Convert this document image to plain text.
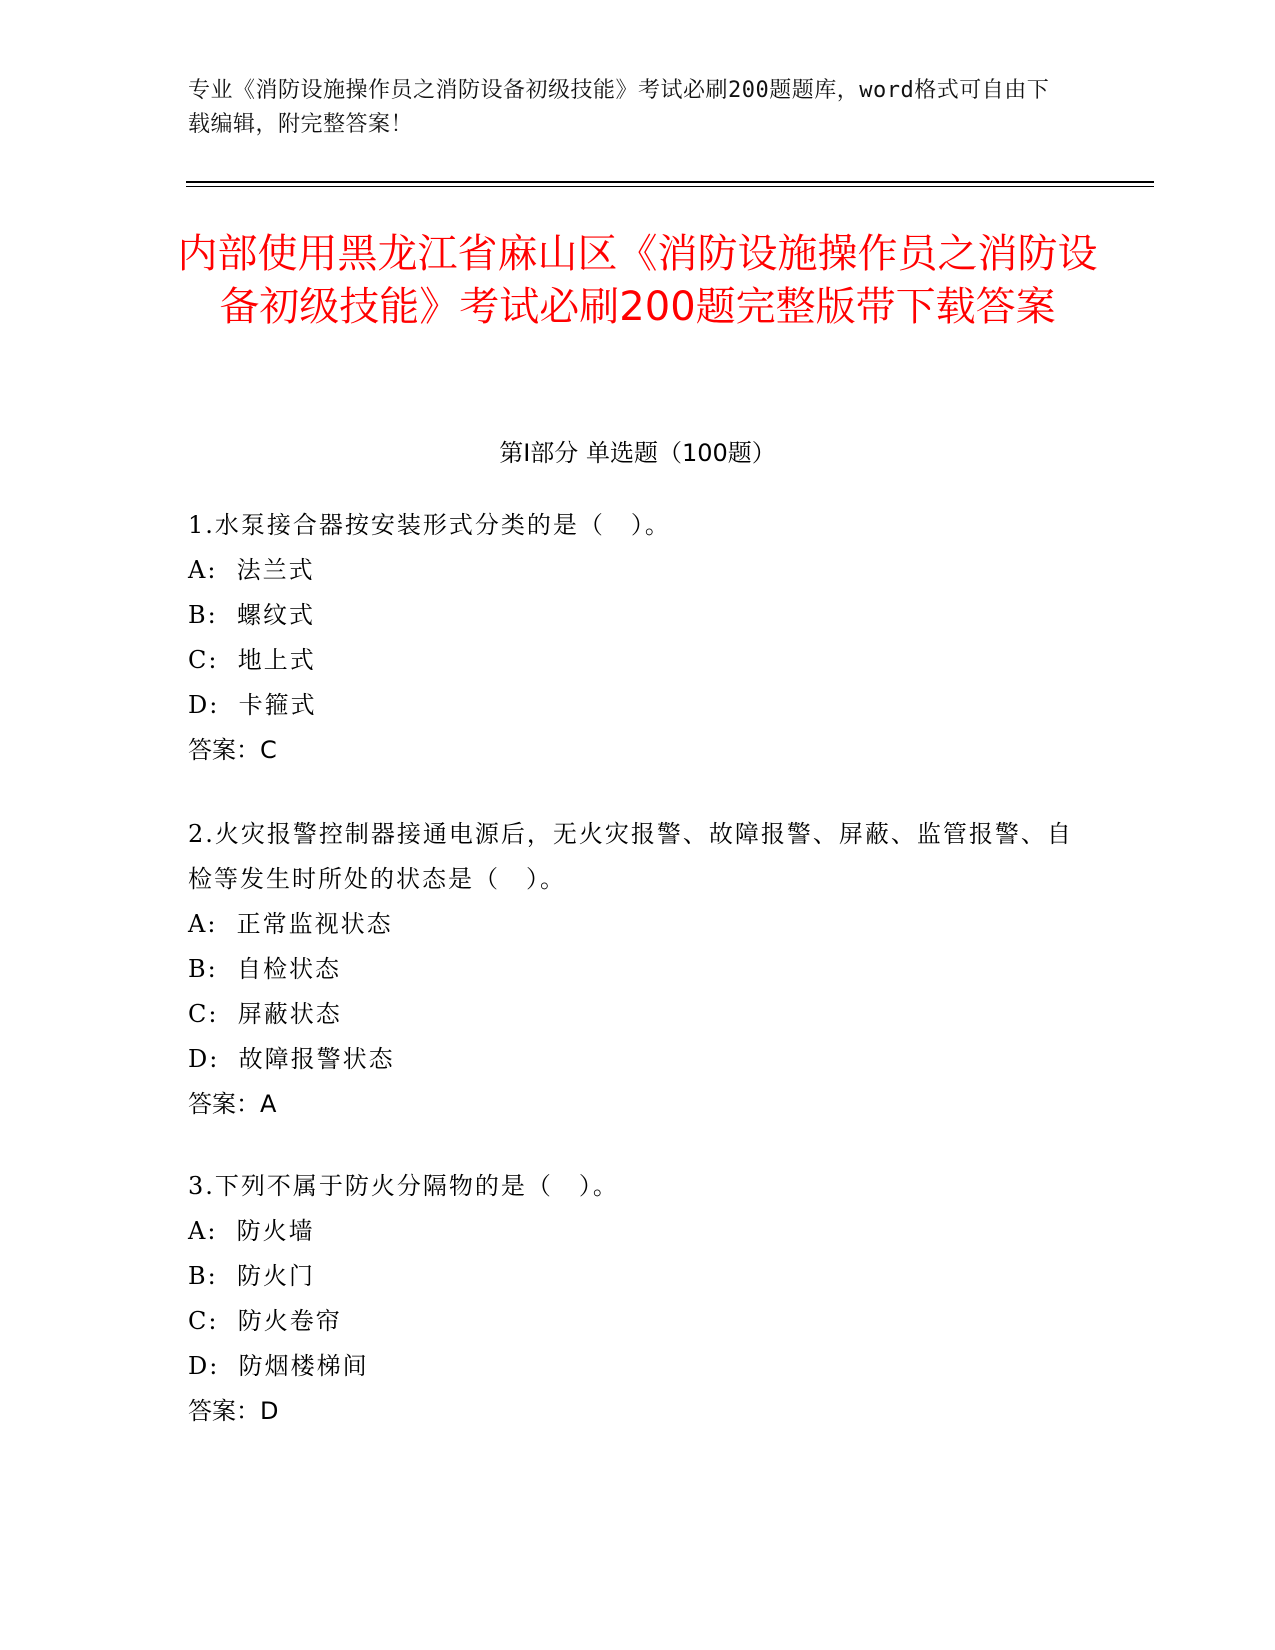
专业《消防设施操作员之消防设备初级技能》考试必刷200题题库，word格式可自由下载编辑，附完整答案！
内部使用黑龙江省麻山区《消防设施操作员之消防设备初级技能》考试必刷200题完整版带下载答案
第I部分 单选题（100题）
1.水泵接合器按安装形式分类的是（　）。
A:  法兰式
B:  螺纹式
C:  地上式
D:  卡箍式
答案：C
2.火灾报警控制器接通电源后，无火灾报警、故障报警、屏蔽、监管报警、自检等发生时所处的状态是（　）。
A:  正常监视状态
B:  自检状态
C:  屏蔽状态
D:  故障报警状态
答案：A
3.下列不属于防火分隔物的是（　）。
A:  防火墙
B:  防火门
C:  防火卷帘
D:  防烟楼梯间
答案：D
